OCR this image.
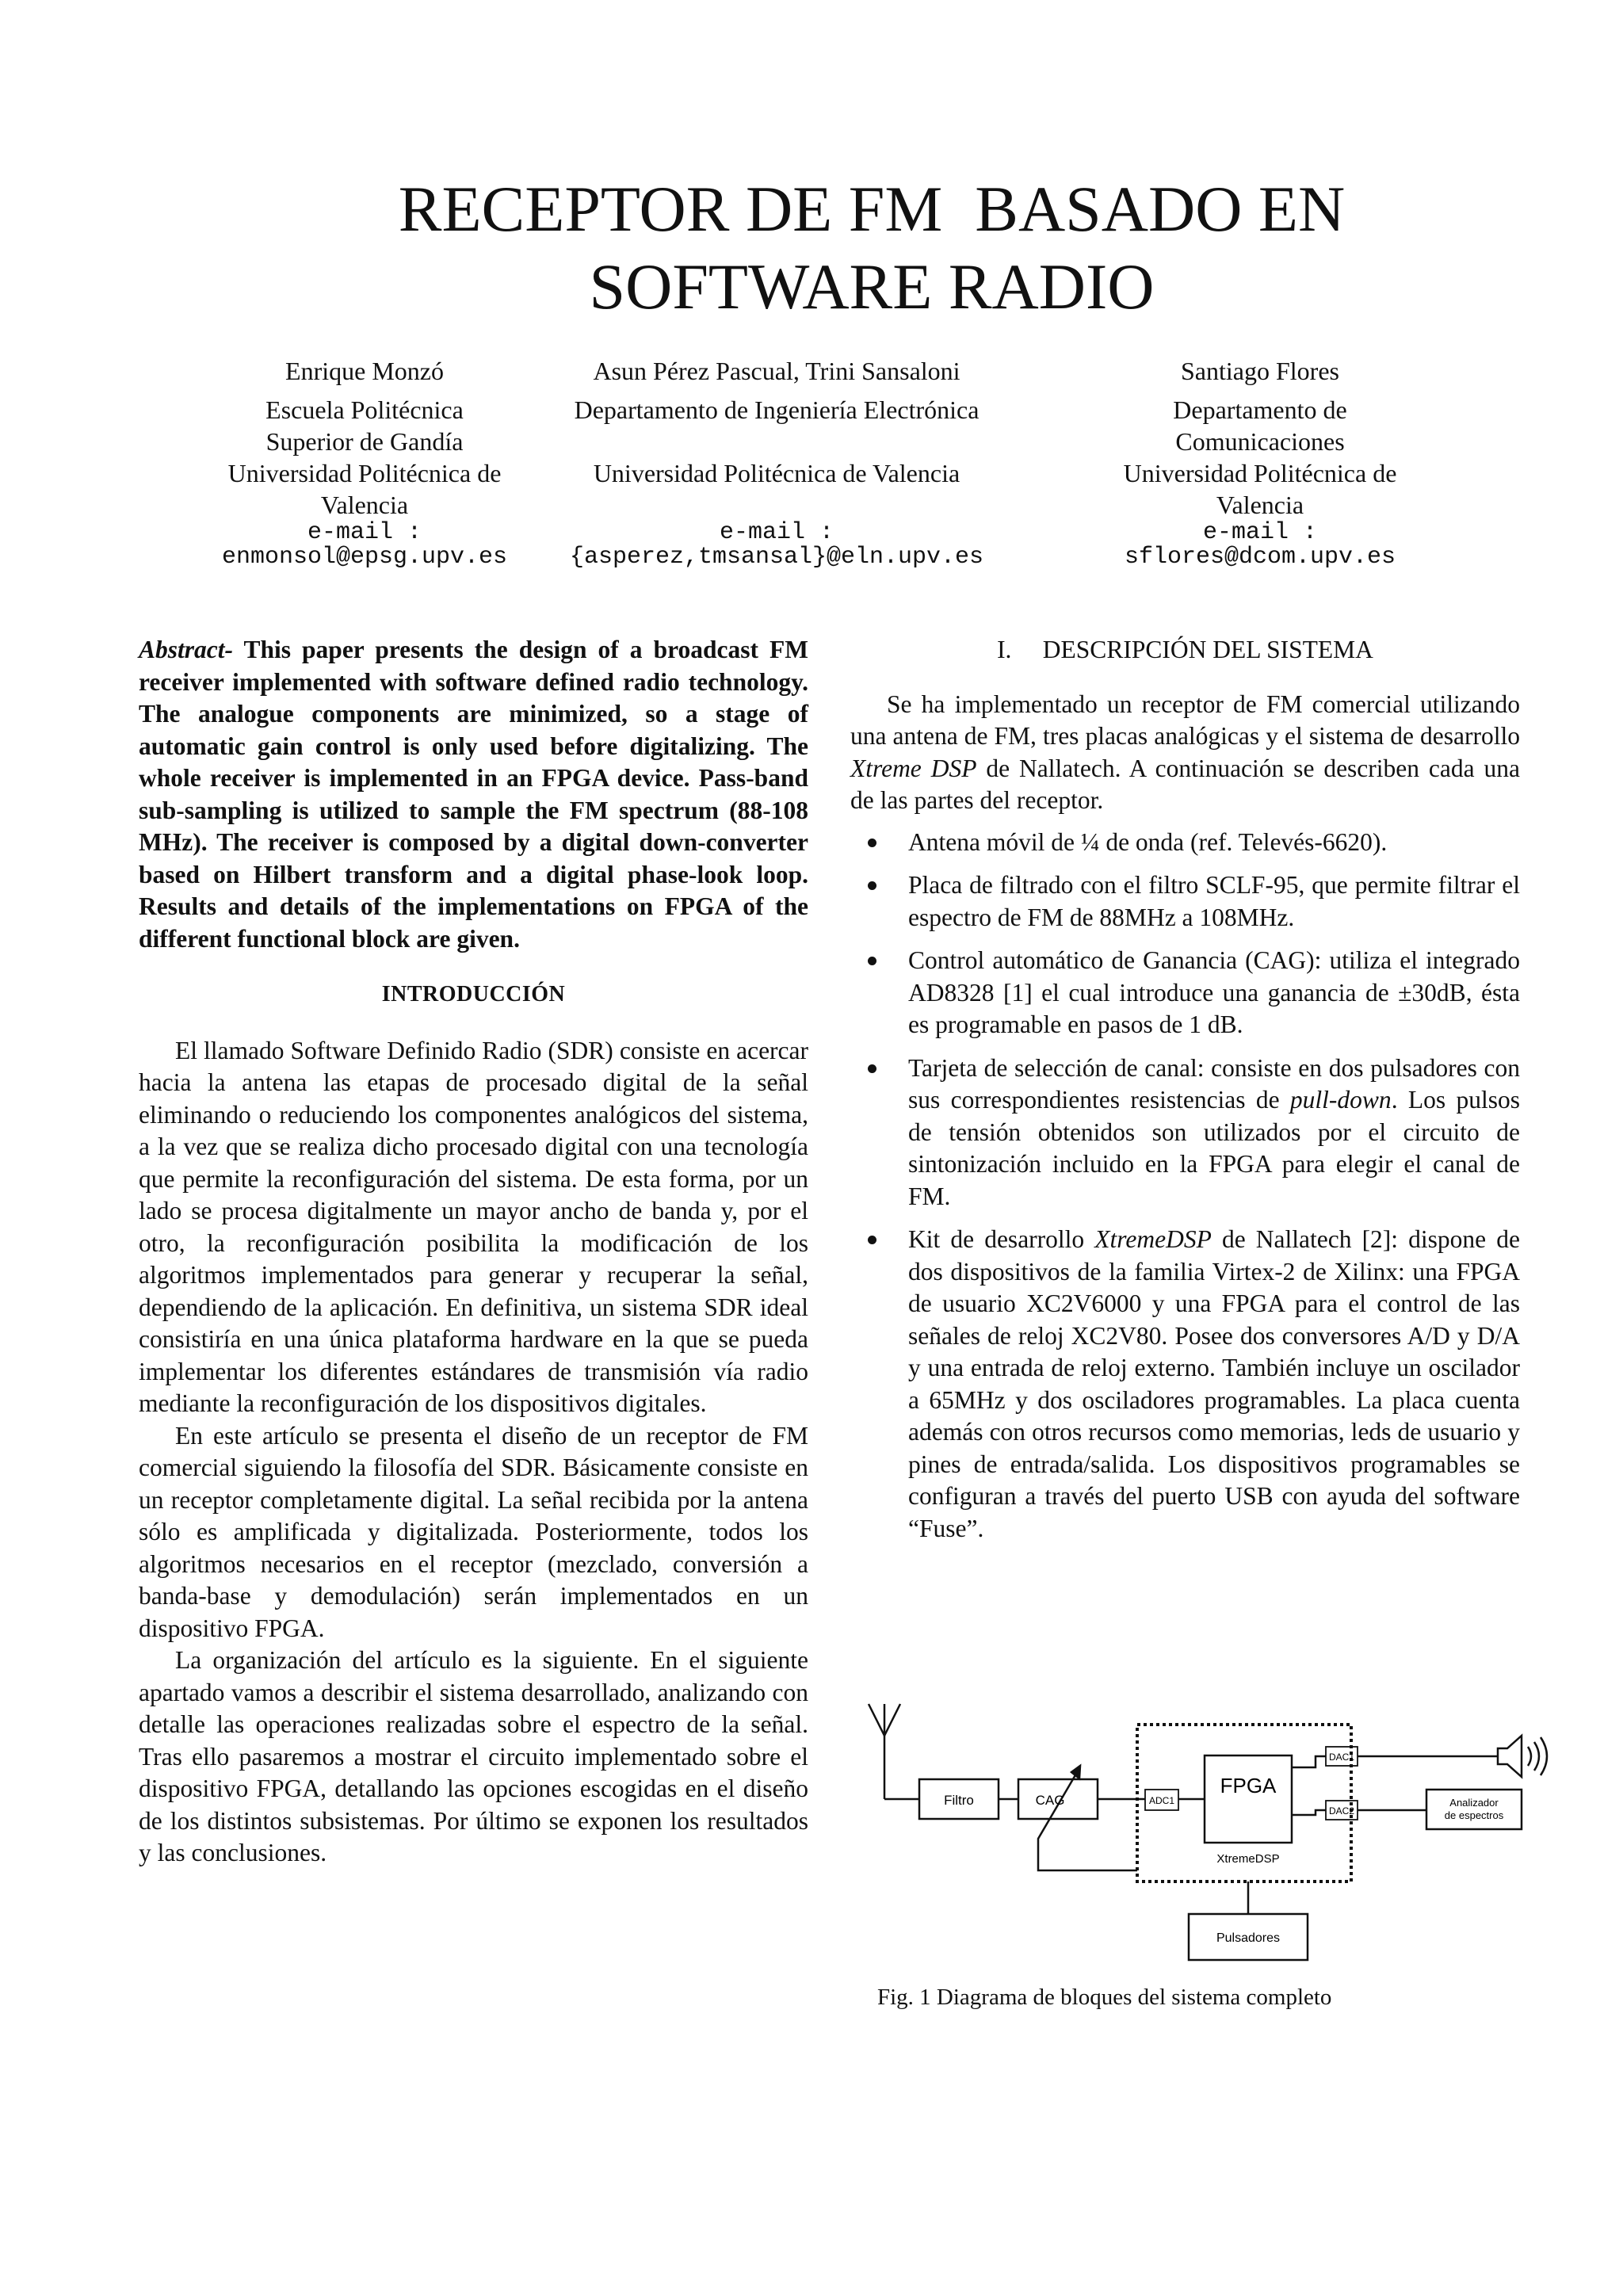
RECEPTOR DE FM  BASADO EN
SOFTWARE RADIO
Enrique Monzó
Escuela Politécnica
Superior de Gandía
Universidad Politécnica de
Valencia
e-mail :
enmonsol@epsg.upv.es
Asun Pérez Pascual, Trini Sansaloni
Departamento de Ingeniería Electrónica
Universidad Politécnica de Valencia
e-mail :
{asperez,tmsansal}@eln.upv.es
Santiago Flores
Departamento de
Comunicaciones
Universidad Politécnica de
Valencia
e-mail :
sflores@dcom.upv.es

Abstract- This paper presents the design of a broadcast FM receiver implemented with software defined radio technology. The analogue components are minimized, so a stage of automatic gain control is only used before digitalizing. The whole receiver is implemented in an FPGA device. Pass-band sub-sampling is utilized to sample the FM spectrum (88-108 MHz). The receiver is composed by a digital down-converter based on Hilbert transform and a digital phase-look loop. Results and details of the implementations on FPGA of the different functional block are given.

INTRODUCCIÓN

El llamado Software Definido Radio (SDR) consiste en acercar hacia la antena las etapas de procesado digital de la señal eliminando o reduciendo los componentes analógicos del sistema, a la vez que se realiza dicho procesado digital con una tecnología que permite la reconfiguración del sistema. De esta forma, por un lado se procesa digitalmente un mayor ancho de banda y, por el otro, la reconfiguración posibilita la modificación de los algoritmos implementados para generar y recuperar la señal, dependiendo de la aplicación. En definitiva, un sistema SDR ideal consistiría en una única plataforma hardware en la que se pueda implementar los diferentes estándares de transmisión vía radio mediante la reconfiguración de los dispositivos digitales.

En este artículo se presenta el diseño de un receptor de FM comercial siguiendo la filosofía del SDR. Básicamente consiste en un receptor completamente digital. La señal recibida por la antena sólo es amplificada y digitalizada. Posteriormente, todos los algoritmos necesarios en el receptor (mezclado, conversión a banda-base y demodulación) serán implementados en un dispositivo FPGA.

La organización del artículo es la siguiente. En el siguiente apartado vamos a describir el sistema desarrollado, analizando con detalle las operaciones realizadas sobre el espectro de la señal. Tras ello pasaremos a mostrar el circuito implementado sobre el dispositivo FPGA, detallando las opciones escogidas en el diseño de los distintos subsistemas. Por último se exponen los resultados y las conclusiones.

I.     DESCRIPCIÓN DEL SISTEMA

Se ha implementado un receptor de FM comercial utilizando una antena de FM, tres placas analógicas y el sistema de desarrollo Xtreme DSP de Nallatech. A continuación se describen cada una de las partes del receptor.

Antena móvil de ¼ de onda (ref. Televés-6620).
Placa de filtrado con el filtro SCLF-95, que permite filtrar el espectro de FM de 88MHz a 108MHz.
Control automático de Ganancia (CAG): utiliza el integrado AD8328 [1] el cual introduce una ganancia de ±30dB, ésta es programable en pasos de 1 dB.
Tarjeta de selección de canal: consiste en dos pulsadores con sus correspondientes resistencias de pull-down. Los pulsos de tensión obtenidos son utilizados por el circuito de sintonización incluido en la FPGA para elegir el canal de FM.
Kit de desarrollo XtremeDSP de Nallatech [2]: dispone de dos dispositivos de la familia Virtex-2 de Xilinx: una FPGA de usuario XC2V6000 y una FPGA para el control de las señales de reloj XC2V80. Posee dos conversores A/D y D/A y una entrada de reloj externo. También incluye un oscilador a 65MHz y dos osciladores programables. La placa cuenta además con otros recursos como memorias, leds de usuario y pines de entrada/salida. Los dispositivos programables se configuran a través del puerto USB con ayuda del software “Fuse”.
Filtro	CAG	ADC1
FPGA
DAC1
DAC2
XtremeDSP
Analizador
de espectros
Pulsadores
Fig. 1 Diagrama de bloques del sistema completo
